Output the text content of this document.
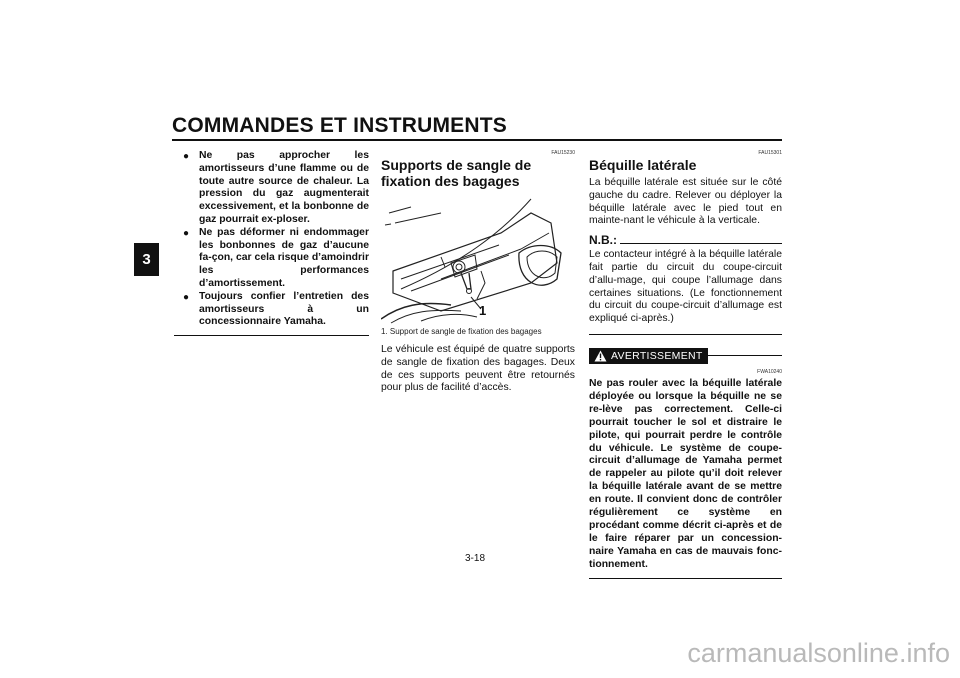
COMMANDES ET INSTRUMENTS
3
● Ne pas approcher les amortisseurs d’une flamme ou de toute autre source de chaleur. La pression du gaz augmenterait excessivement, et la bonbonne de gaz pourrait ex-ploser.
● Ne pas déformer ni endommager les bonbonnes de gaz d’aucune fa-çon, car cela risque d’amoindrir les performances d’amortissement.
● Toujours confier l’entretien des amortisseurs à un concessionnaire Yamaha.
FAU15230
Supports de sangle de fixation des bagages
1
1. Support de sangle de fixation des bagages

Le véhicule est équipé de quatre supports de sangle de fixation des bagages. Deux de ces supports peuvent être retournés pour plus de facilité d’accès.

FAU15301
Béquille latérale

La béquille latérale est située sur le côté gauche du cadre. Relever ou déployer la béquille latérale avec le pied tout en mainte-nant le véhicule à la verticale.

N.B.:

Le contacteur intégré à la béquille latérale fait partie du circuit du coupe-circuit d’allu-mage, qui coupe l’allumage dans certaines situations. (Le fonctionnement du circuit du coupe-circuit d’allumage est expliqué ci-après.)

AVERTISSEMENT
FWA10240

Ne pas rouler avec la béquille latérale déployée ou lorsque la béquille ne se re-lève pas correctement. Celle-ci pourrait toucher le sol et distraire le pilote, qui pourrait perdre le contrôle du véhicule. Le système de coupe-circuit d’allumage de Yamaha permet de rappeler au pilote qu’il doit relever la béquille latérale avant de se mettre en route. Il convient donc de contrôler régulièrement ce système en procédant comme décrit ci-après et de le faire réparer par un concession-naire Yamaha en cas de mauvais fonc-tionnement.

3-18
carmanualsonline.info
